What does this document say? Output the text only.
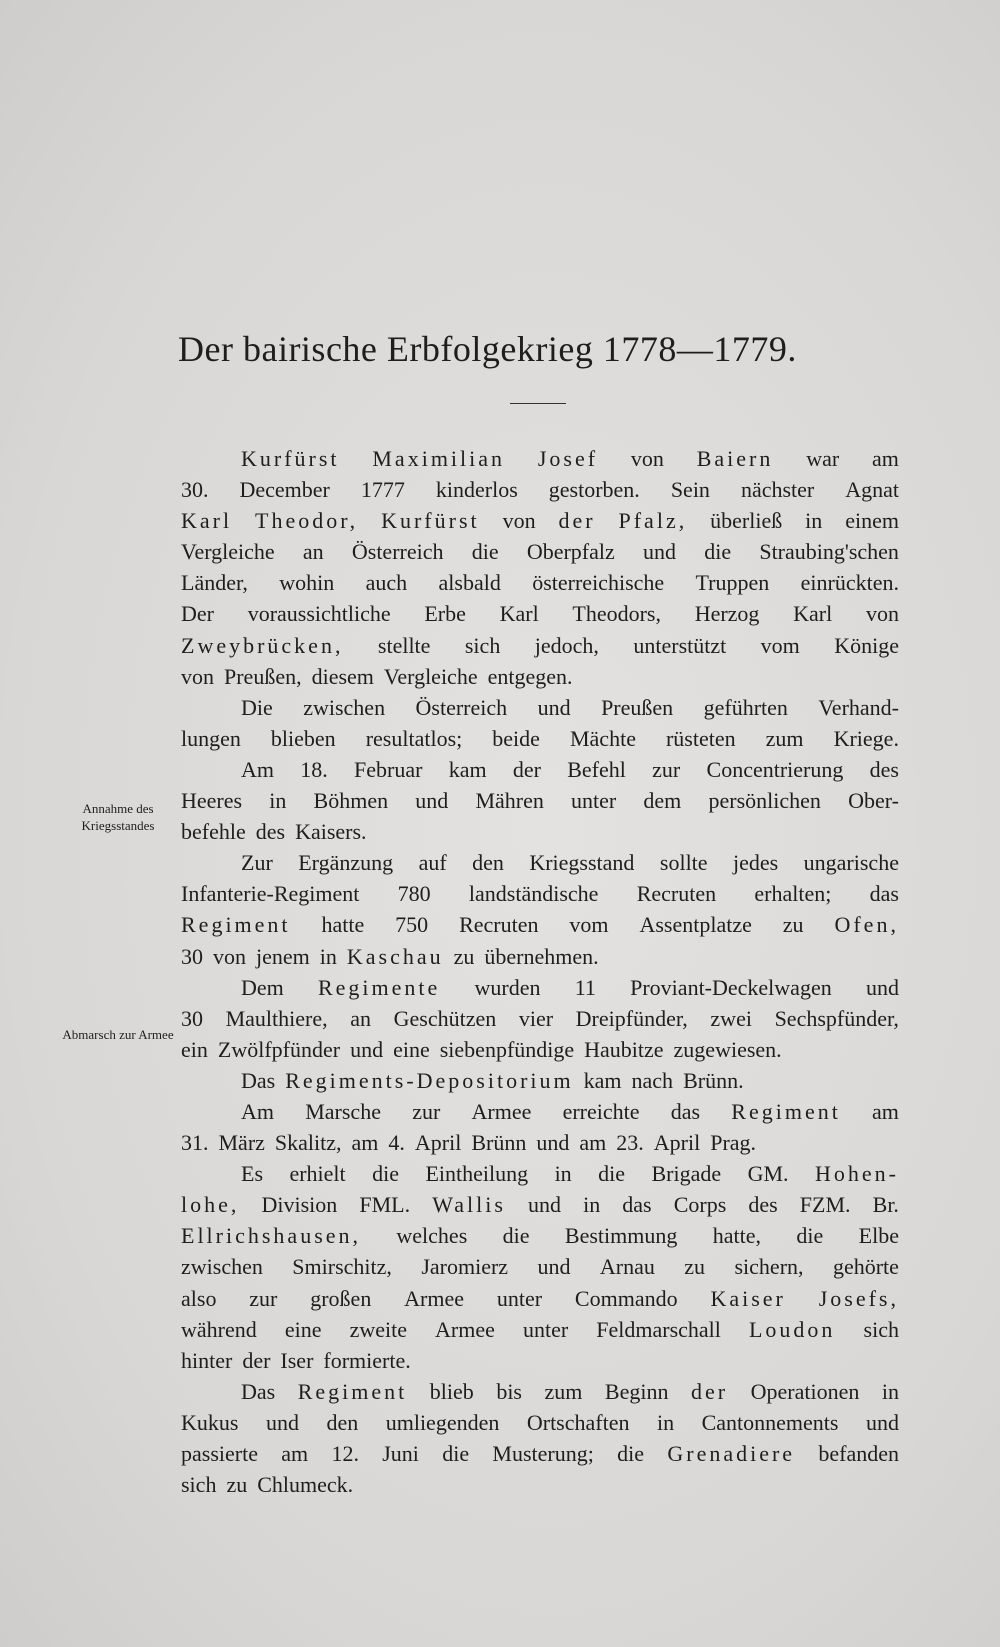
Der bairische Erbfolgekrieg 1778—1779.
Annahme des Kriegsstandes
Abmarsch zur Armee
Kurfürst Maximilian Josef von Baiern war am
30. December 1777 kinderlos gestorben. Sein nächster Agnat
Karl Theodor, Kurfürst von der Pfalz, überließ in einem
Vergleiche an Österreich die Oberpfalz und die Straubing'schen
Länder, wohin auch alsbald österreichische Truppen einrückten.
Der voraussichtliche Erbe Karl Theodors, Herzog Karl von
Zweybrücken, stellte sich jedoch, unterstützt vom Könige
von Preußen, diesem Vergleiche entgegen.
Die zwischen Österreich und Preußen geführten Verhand-
lungen blieben resultatlos; beide Mächte rüsteten zum Kriege.
Am 18. Februar kam der Befehl zur Concentrierung des
Heeres in Böhmen und Mähren unter dem persönlichen Ober-
befehle des Kaisers.
Zur Ergänzung auf den Kriegsstand sollte jedes ungarische
Infanterie-Regiment 780 landständische Recruten erhalten; das
Regiment hatte 750 Recruten vom Assentplatze zu Ofen,
30 von jenem in Kaschau zu übernehmen.
Dem Regimente wurden 11 Proviant-Deckelwagen und
30 Maulthiere, an Geschützen vier Dreipfünder, zwei Sechspfünder,
ein Zwölfpfünder und eine siebenpfündige Haubitze zugewiesen.
Das Regiments-Depositorium kam nach Brünn.
Am Marsche zur Armee erreichte das Regiment am
31. März Skalitz, am 4. April Brünn und am 23. April Prag.
Es erhielt die Eintheilung in die Brigade GM. Hohen-
lohe, Division FML. Wallis und in das Corps des FZM. Br.
Ellrichshausen, welches die Bestimmung hatte, die Elbe
zwischen Smirschitz, Jaromierz und Arnau zu sichern, gehörte
also zur großen Armee unter Commando Kaiser Josefs,
während eine zweite Armee unter Feldmarschall Loudon sich
hinter der Iser formierte.
Das Regiment blieb bis zum Beginn der Operationen in
Kukus und den umliegenden Ortschaften in Cantonnements und
passierte am 12. Juni die Musterung; die Grenadiere befanden
sich zu Chlumeck.
